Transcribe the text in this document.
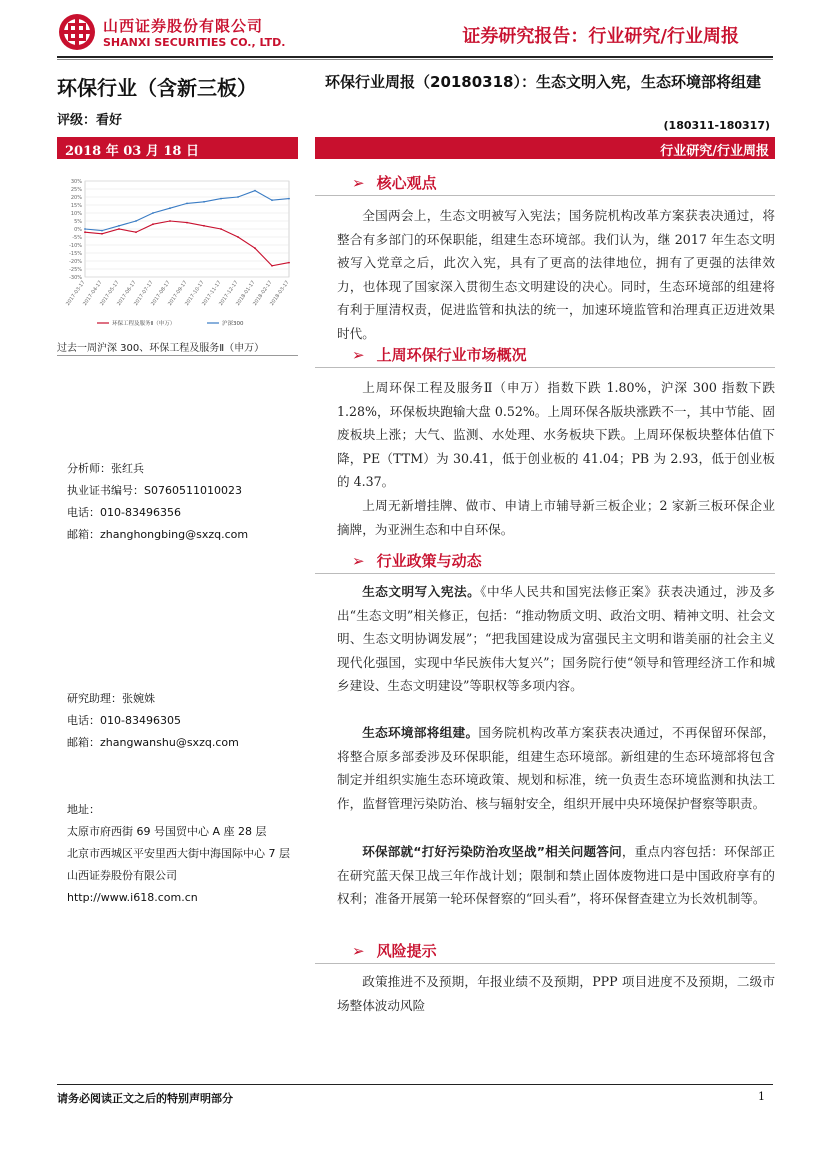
山西证券股份有限公司
SHANXI SECURITIES CO., LTD.	证券研究报告：行业研究/行业周报
环保行业（含新三板）
评级：看好
2018 年 03 月 18 日
30%
25%
20%
15%
10%
5%
0%
-5%
-10%
-15%
-20%
-25%
-30%
2017-03-17
2017-04-17
2017-05-17
2017-06-17
2017-07-17
2017-08-17
2017-09-17
2017-10-17
2017-11-17
2017-12-17
2018-01-17
2018-02-17
2018-03-17
环保工程及服务Ⅱ（申万）	沪深300
过去一周沪深 300、环保工程及服务Ⅱ（申万）
分析师：张红兵
执业证书编号：S0760511010023
电话：010-83496356
邮箱：zhanghongbing@sxzq.com
研究助理：张婉姝
电话：010-83496305
邮箱：zhangwanshu@sxzq.com
地址：
太原市府西街 69 号国贸中心 A 座 28 层
北京市西城区平安里西大街中海国际中心 7 层
山西证券股份有限公司
http://www.i618.com.cn
环保行业周报（20180318）：生态文明入宪，生态环境部将组建
(180311-180317)
行业研究/行业周报
➢ 核心观点
全国两会上，生态文明被写入宪法；国务院机构改革方案获表决通过，将整合有多部门的环保职能，组建生态环境部。我们认为，继 2017 年生态文明被写入党章之后，此次入宪，具有了更高的法律地位，拥有了更强的法律效力，也体现了国家深入贯彻生态文明建设的决心。同时，生态环境部的组建将有利于厘清权责，促进监管和执法的统一，加速环境监管和治理真正迈进效果时代。
➢ 上周环保行业市场概况
上周环保工程及服务Ⅱ（申万）指数下跌 1.80%，沪深 300 指数下跌 1.28%，环保板块跑输大盘 0.52%。上周环保各版块涨跌不一，其中节能、固废板块上涨；大气、监测、水处理、水务板块下跌。上周环保板块整体估值下降，PE（TTM）为 30.41，低于创业板的 41.04；PB 为 2.93，低于创业板的 4.37。
上周无新增挂牌、做市、申请上市辅导新三板企业；2 家新三板环保企业摘牌，为亚洲生态和中自环保。
➢ 行业政策与动态
生态文明写入宪法。《中华人民共和国宪法修正案》获表决通过，涉及多出“生态文明”相关修正，包括：“推动物质文明、政治文明、精神文明、社会文明、生态文明协调发展”；“把我国建设成为富强民主文明和谐美丽的社会主义现代化强国，实现中华民族伟大复兴”；国务院行使“领导和管理经济工作和城乡建设、生态文明建设”等职权等多项内容。
生态环境部将组建。国务院机构改革方案获表决通过，不再保留环保部，将整合原多部委涉及环保职能，组建生态环境部。新组建的生态环境部将包含制定并组织实施生态环境政策、规划和标准，统一负责生态环境监测和执法工作，监督管理污染防治、核与辐射安全，组织开展中央环境保护督察等职责。
环保部就“打好污染防治攻坚战”相关问题答问，重点内容包括：环保部正在研究蓝天保卫战三年作战计划；限制和禁止固体废物进口是中国政府享有的权利；准备开展第一轮环保督察的“回头看”，将环保督查建立为长效机制等。
➢ 风险提示
政策推进不及预期，年报业绩不及预期，PPP 项目进度不及预期，二级市场整体波动风险
请务必阅读正文之后的特别声明部分	1
